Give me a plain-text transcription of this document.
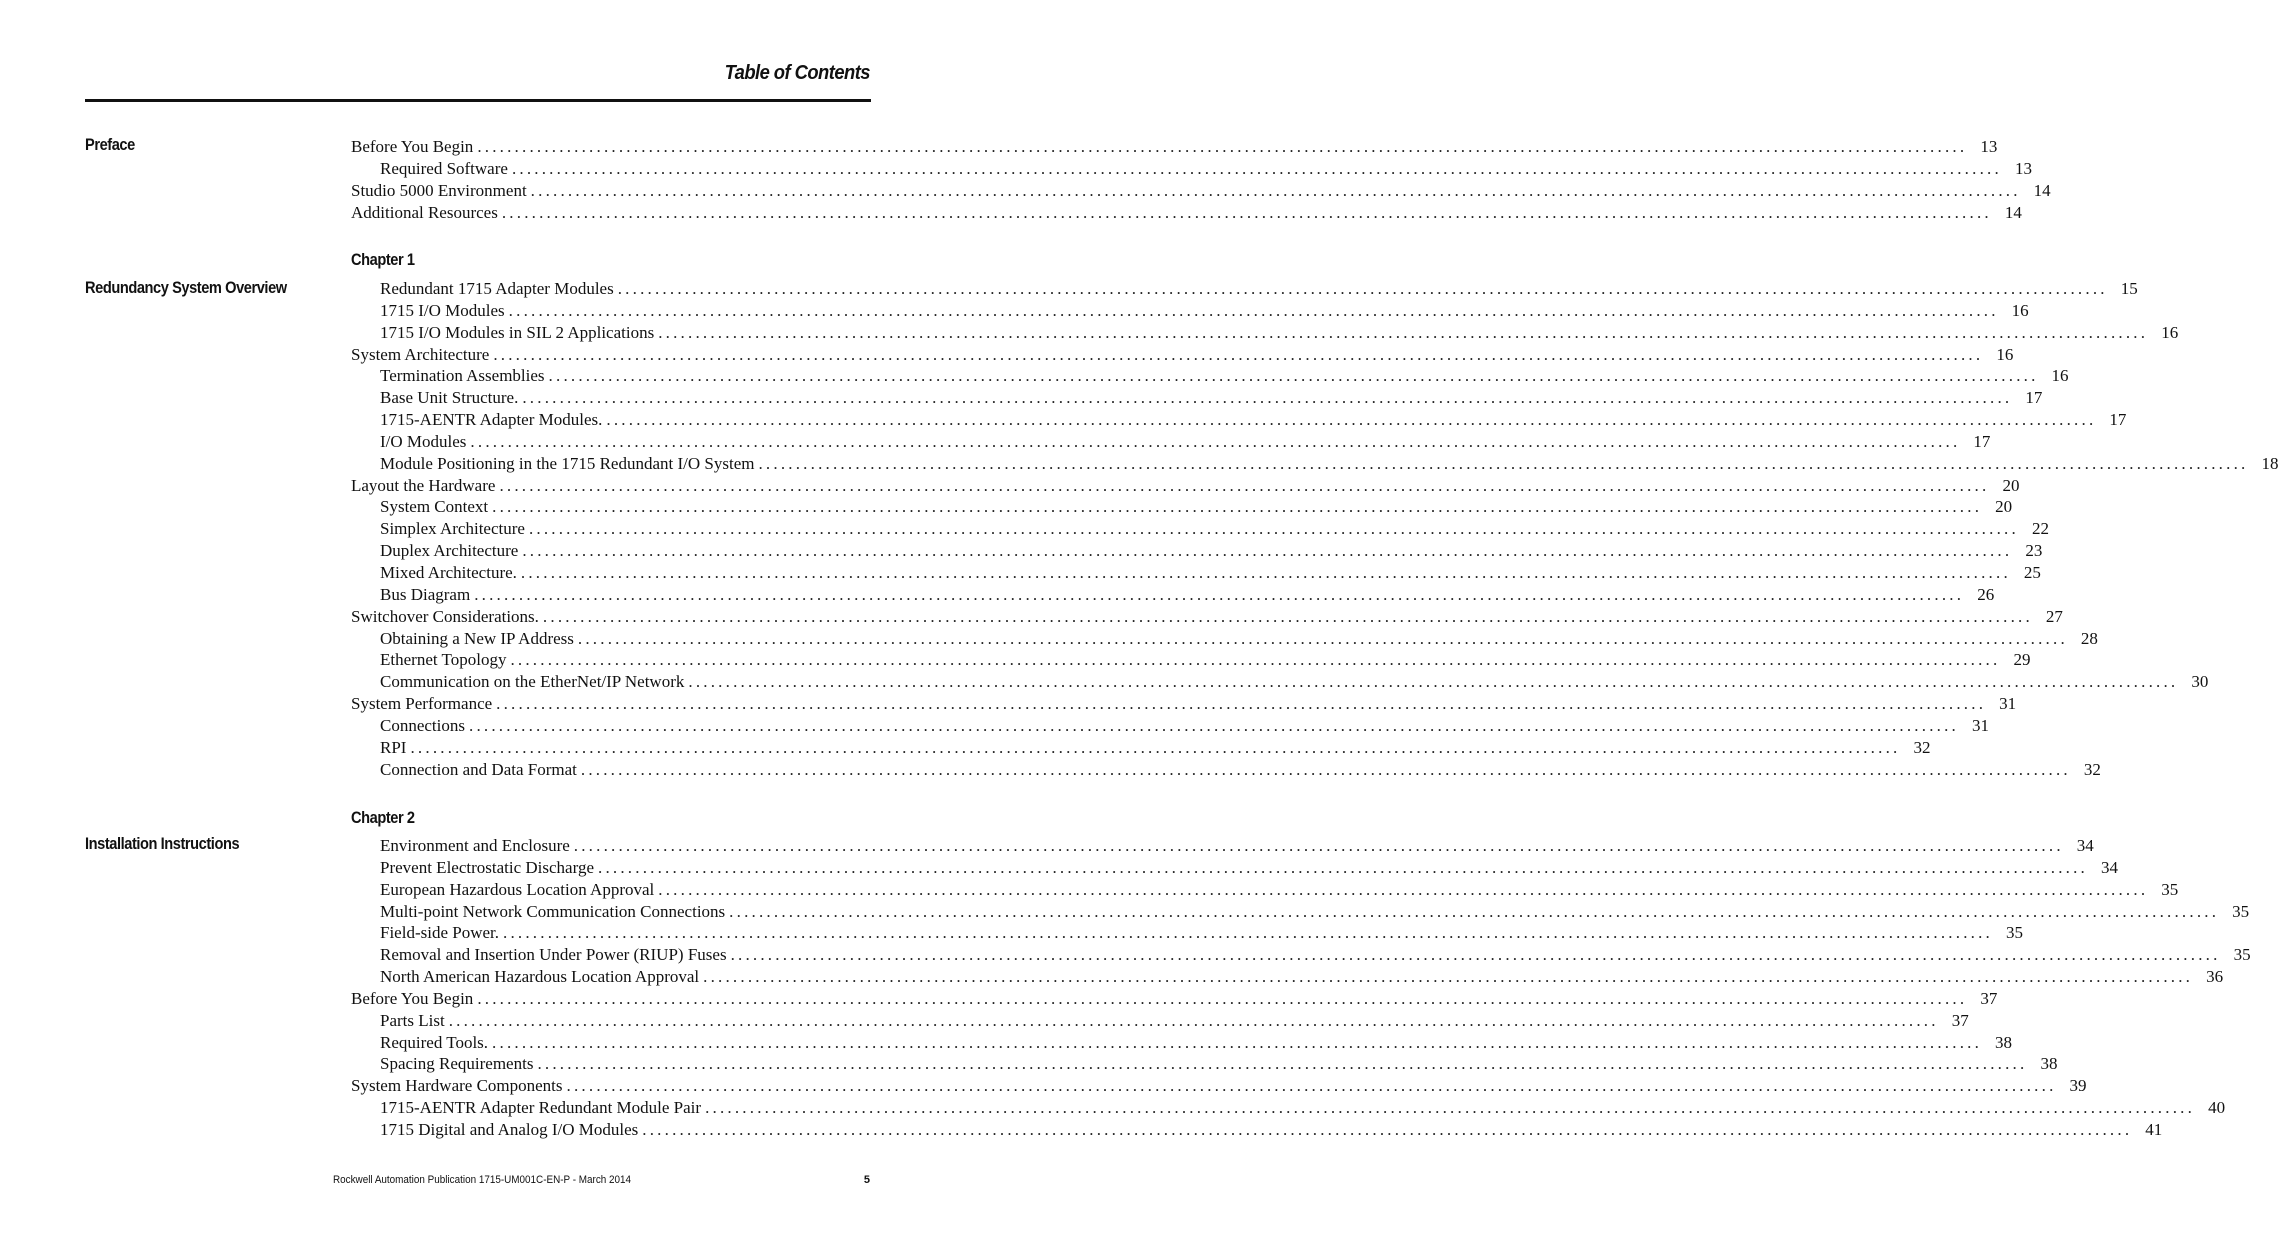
Table of Contents
Preface	Before You Begin ........................................................................................................................................................................................................ 13
Required Software ........................................................................................................................................................................................................ 13
Studio 5000 Environment ........................................................................................................................................................................................................ 14
Additional Resources ........................................................................................................................................................................................................ 14
Chapter 1
Redundancy System Overview	Redundant 1715 Adapter Modules ........................................................................................................................................................................................................ 15
1715 I/O Modules ........................................................................................................................................................................................................ 16
1715 I/O Modules in SIL 2 Applications ........................................................................................................................................................................................................ 16
System Architecture ........................................................................................................................................................................................................ 16
Termination Assemblies ........................................................................................................................................................................................................ 16
Base Unit Structure. ........................................................................................................................................................................................................ 17
1715-AENTR Adapter Modules. ........................................................................................................................................................................................................ 17
I/O Modules ........................................................................................................................................................................................................ 17
Module Positioning in the 1715 Redundant I/O System ........................................................................................................................................................................................................ 18
Layout the Hardware ........................................................................................................................................................................................................ 20
System Context ........................................................................................................................................................................................................ 20
Simplex Architecture ........................................................................................................................................................................................................ 22
Duplex Architecture ........................................................................................................................................................................................................ 23
Mixed Architecture. ........................................................................................................................................................................................................ 25
Bus Diagram ........................................................................................................................................................................................................ 26
Switchover Considerations. ........................................................................................................................................................................................................ 27
Obtaining a New IP Address ........................................................................................................................................................................................................ 28
Ethernet Topology ........................................................................................................................................................................................................ 29
Communication on the EtherNet/IP Network ........................................................................................................................................................................................................ 30
System Performance ........................................................................................................................................................................................................ 31
Connections ........................................................................................................................................................................................................ 31
RPI ........................................................................................................................................................................................................ 32
Connection and Data Format ........................................................................................................................................................................................................ 32
Chapter 2
Installation Instructions	Environment and Enclosure ........................................................................................................................................................................................................ 34
Prevent Electrostatic Discharge ........................................................................................................................................................................................................ 34
European Hazardous Location Approval ........................................................................................................................................................................................................ 35
Multi-point Network Communication Connections ........................................................................................................................................................................................................ 35
Field-side Power. ........................................................................................................................................................................................................ 35
Removal and Insertion Under Power (RIUP) Fuses ........................................................................................................................................................................................................ 35
North American Hazardous Location Approval ........................................................................................................................................................................................................ 36
Before You Begin ........................................................................................................................................................................................................ 37
Parts List ........................................................................................................................................................................................................ 37
Required Tools. ........................................................................................................................................................................................................ 38
Spacing Requirements ........................................................................................................................................................................................................ 38
System Hardware Components ........................................................................................................................................................................................................ 39
1715-AENTR Adapter Redundant Module Pair ........................................................................................................................................................................................................ 40
1715 Digital and Analog I/O Modules ........................................................................................................................................................................................................ 41
Rockwell Automation Publication 1715-UM001C-EN-P - March 2014	5
